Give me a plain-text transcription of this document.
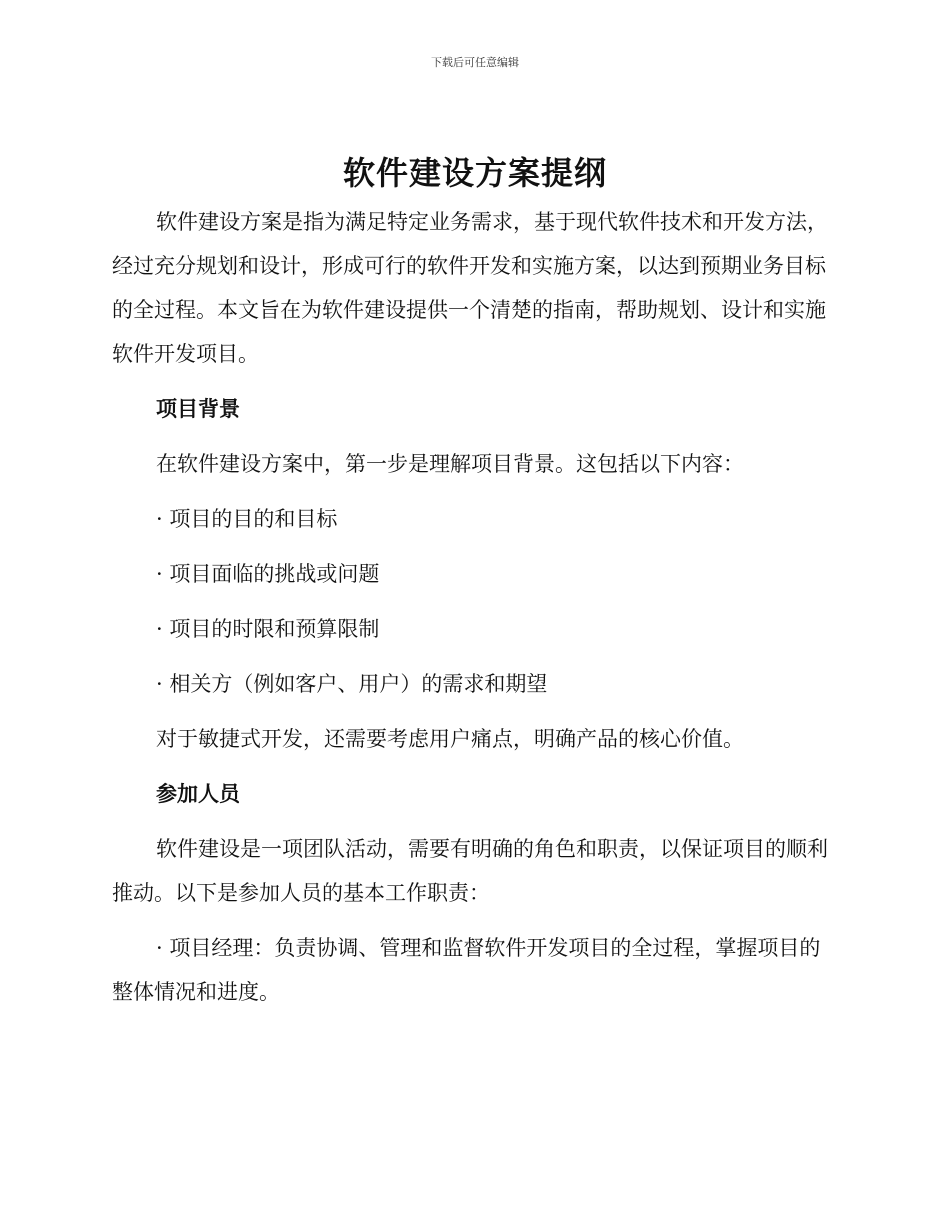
下载后可任意编辑
软件建设方案提纲

软件建设方案是指为满足特定业务需求，基于现代软件技术和开发方法，经过充分规划和设计，形成可行的软件开发和实施方案，以达到预期业务目标的全过程。本文旨在为软件建设提供一个清楚的指南，帮助规划、设计和实施软件开发项目。

项目背景

在软件建设方案中，第一步是理解项目背景。这包括以下内容：

· 项目的目的和目标

· 项目面临的挑战或问题

· 项目的时限和预算限制

· 相关方（例如客户、用户）的需求和期望

对于敏捷式开发，还需要考虑用户痛点，明确产品的核心价值。

参加人员

软件建设是一项团队活动，需要有明确的角色和职责，以保证项目的顺利推动。以下是参加人员的基本工作职责：

· 项目经理：负责协调、管理和监督软件开发项目的全过程，掌握项目的整体情况和进度。
